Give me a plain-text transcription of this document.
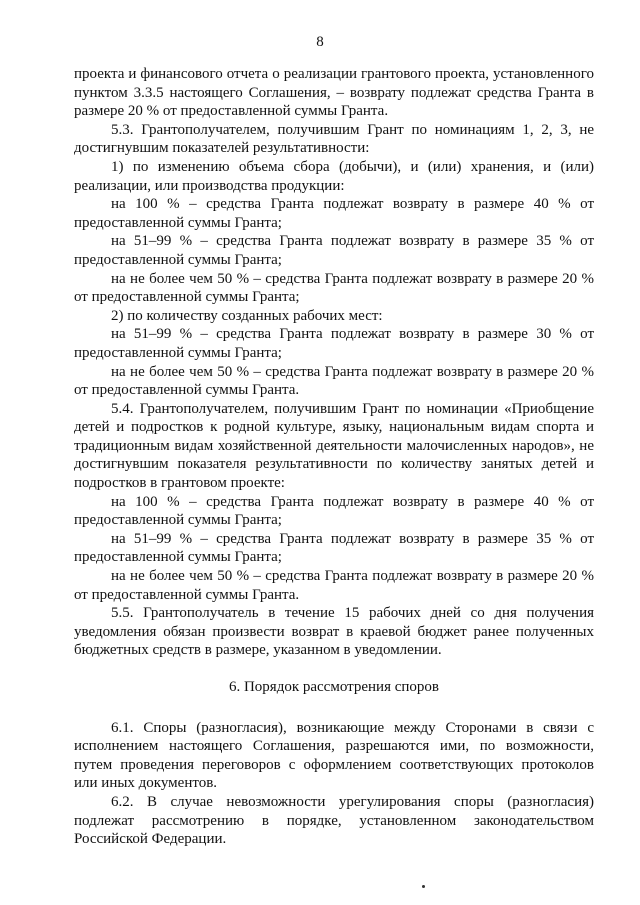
8

проекта и финансового отчета о реализации грантового проекта, установленного пунктом 3.3.5 настоящего Соглашения, – возврату подлежат средства Гранта в размере 20 % от предоставленной суммы Гранта.

5.3. Грантополучателем, получившим Грант по номинациям 1, 2, 3, не достигнувшим показателей результативности:

1) по изменению объема сбора (добычи), и (или) хранения, и (или) реализации, или производства продукции:

на 100 % – средства Гранта подлежат возврату в размере 40 % от предоставленной суммы Гранта;

на 51–99 % – средства Гранта подлежат возврату в размере 35 % от предоставленной суммы Гранта;

на не более чем 50 % – средства Гранта подлежат возврату в размере 20 % от предоставленной суммы Гранта;

2) по количеству созданных рабочих мест:

на 51–99 % – средства Гранта подлежат возврату в размере 30 % от предоставленной суммы Гранта;

на не более чем 50 % – средства Гранта подлежат возврату в размере 20 % от предоставленной суммы Гранта.

5.4. Грантополучателем, получившим Грант по номинации «Приобщение детей и подростков к родной культуре, языку, национальным видам спорта и традиционным видам хозяйственной деятельности малочисленных народов», не достигнувшим показателя результативности по количеству занятых детей и подростков в грантовом проекте:

на 100 % – средства Гранта подлежат возврату в размере 40 % от предоставленной суммы Гранта;

на 51–99 % – средства Гранта подлежат возврату в размере 35 % от предоставленной суммы Гранта;

на не более чем 50 % – средства Гранта подлежат возврату в размере 20 % от предоставленной суммы Гранта.

5.5. Грантополучатель в течение 15 рабочих дней со дня получения уведомления обязан произвести возврат в краевой бюджет ранее полученных бюджетных средств в размере, указанном в уведомлении.

6. Порядок рассмотрения споров

6.1. Споры (разногласия), возникающие между Сторонами в связи с исполнением настоящего Соглашения, разрешаются ими, по возможности, путем проведения переговоров с оформлением соответствующих протоколов или иных документов.

6.2. В случае невозможности урегулирования споры (разногласия) подлежат рассмотрению в порядке, установленном законодательством Российской Федерации.
